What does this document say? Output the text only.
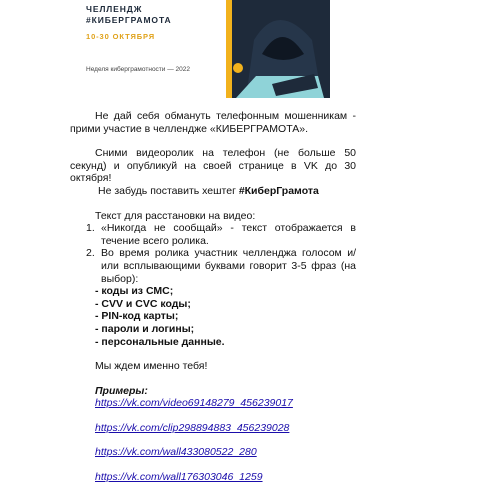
ЧЕЛЛЕНДЖ
#КИБЕРГРАМОТА
10-30 ОКТЯБРЯ
Неделя киберграмотности — 2022

Не дай себя обмануть телефонным мошенникам - прими участие в челлендже «КИБЕРГРАМОТА».

Сними видеоролик на телефон (не больше 50 секунд) и опубликуй на своей странице в VK до 30 октября!

Не забудь поставить хештег #КиберГрамота

Текст для расстановки на видео:

1. «Никогда не сообщай» - текст отображается в течение всего ролика.
2. Во время ролика участник челленджа голосом и/или всплывающими буквами говорит 3-5 фраз (на выбор):
- коды из СМС;
- CVV и CVC коды;
- PIN-код карты;
- пароли и логины;
- персональные данные.

Мы ждем именно тебя!

Примеры:
https://vk.com/video69148279_456239017
https://vk.com/clip298894883_456239028
https://vk.com/wall433080522_280
https://vk.com/wall176303046_1259
